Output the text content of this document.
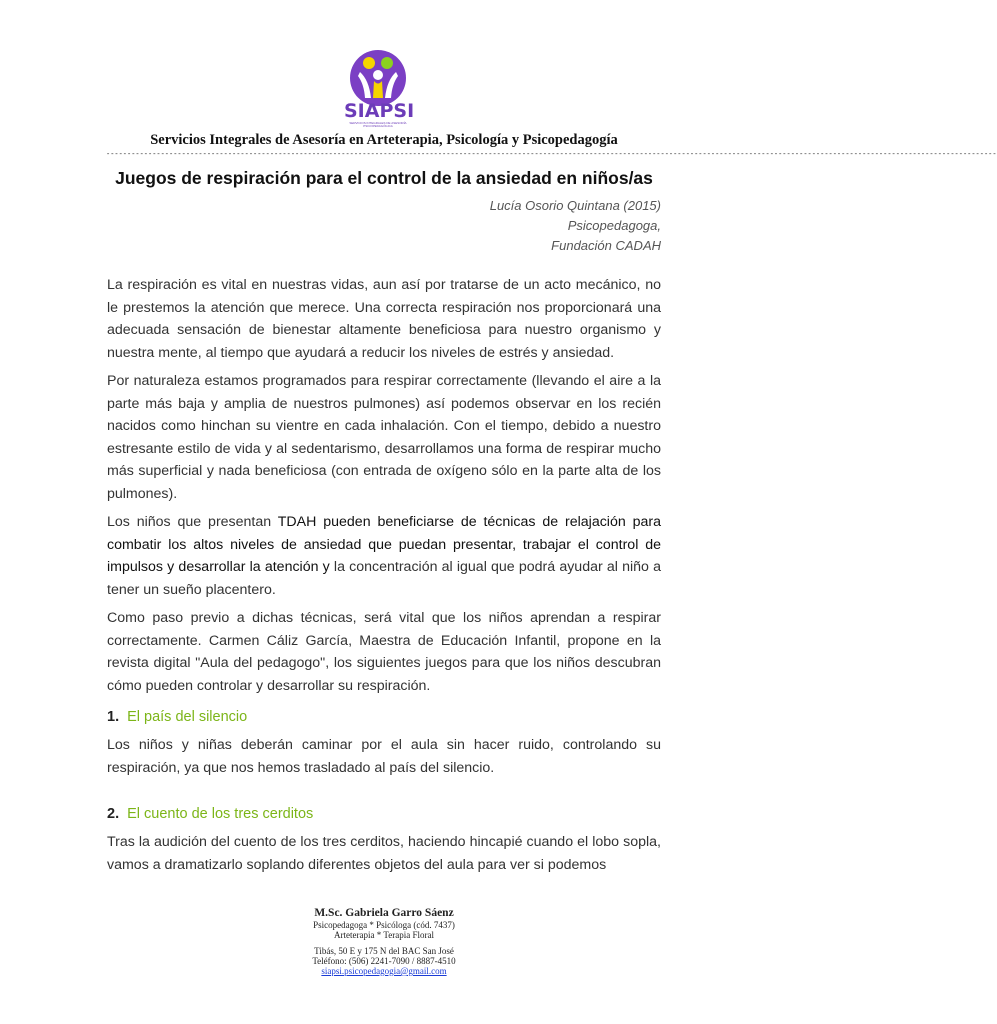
SIAPSI
SERVICIOS INTEGRALES DE ASESORÍA PSICOPEDAGÓGICA
Servicios Integrales de Asesoría en Arteterapia, Psicología y Psicopedagogía
--------------------------------------------------------------------------------------------------------------------------------------------------------------------------------------------------------------------
Juegos de respiración para el control de la ansiedad en niños/as
Lucía Osorio Quintana (2015)
Psicopedagoga,
Fundación CADAH

La respiración es vital en nuestras vidas, aun así por tratarse de un acto mecánico, no le prestemos la atención que merece. Una correcta respiración nos proporcionará una adecuada sensación de bienestar altamente beneficiosa para nuestro organismo y nuestra mente, al tiempo que ayudará a reducir los niveles de estrés y ansiedad.

Por naturaleza estamos programados para respirar correctamente (llevando el aire a la parte más baja y amplia de nuestros pulmones) así podemos observar en los recién nacidos como hinchan su vientre en cada inhalación. Con el tiempo, debido a nuestro estresante estilo de vida y al sedentarismo, desarrollamos una forma de respirar mucho más superficial y nada beneficiosa (con entrada de oxígeno sólo en la parte alta de los pulmones).

Los niños que presentan TDAH pueden beneficiarse de técnicas de relajación para combatir los altos niveles de ansiedad que puedan presentar, trabajar el control de impulsos y desarrollar la atención y la concentración al igual que podrá ayudar al niño a tener un sueño placentero.

Como paso previo a dichas técnicas, será vital que los niños aprendan a respirar correctamente. Carmen Cáliz García, Maestra de Educación Infantil, propone en la revista digital "Aula del pedagogo", los siguientes juegos para que los niños descubran cómo pueden controlar y desarrollar su respiración.

1. El país del silencio

Los niños y niñas deberán caminar por el aula sin hacer ruido, controlando su respiración, ya que nos hemos trasladado al país del silencio.

2. El cuento de los tres cerditos

Tras la audición del cuento de los tres cerditos, haciendo hincapié cuando el lobo sopla, vamos a dramatizarlo soplando diferentes objetos del aula para ver si podemos

M.Sc. Gabriela Garro Sáenz
Psicopedagoga * Psicóloga (cód. 7437)
Arteterapia * Terapia Floral
Tibás, 50 E y 175 N del BAC San José
Teléfono: (506) 2241-7090 / 8887-4510
siapsi.psicopedagogia@gmail.com
